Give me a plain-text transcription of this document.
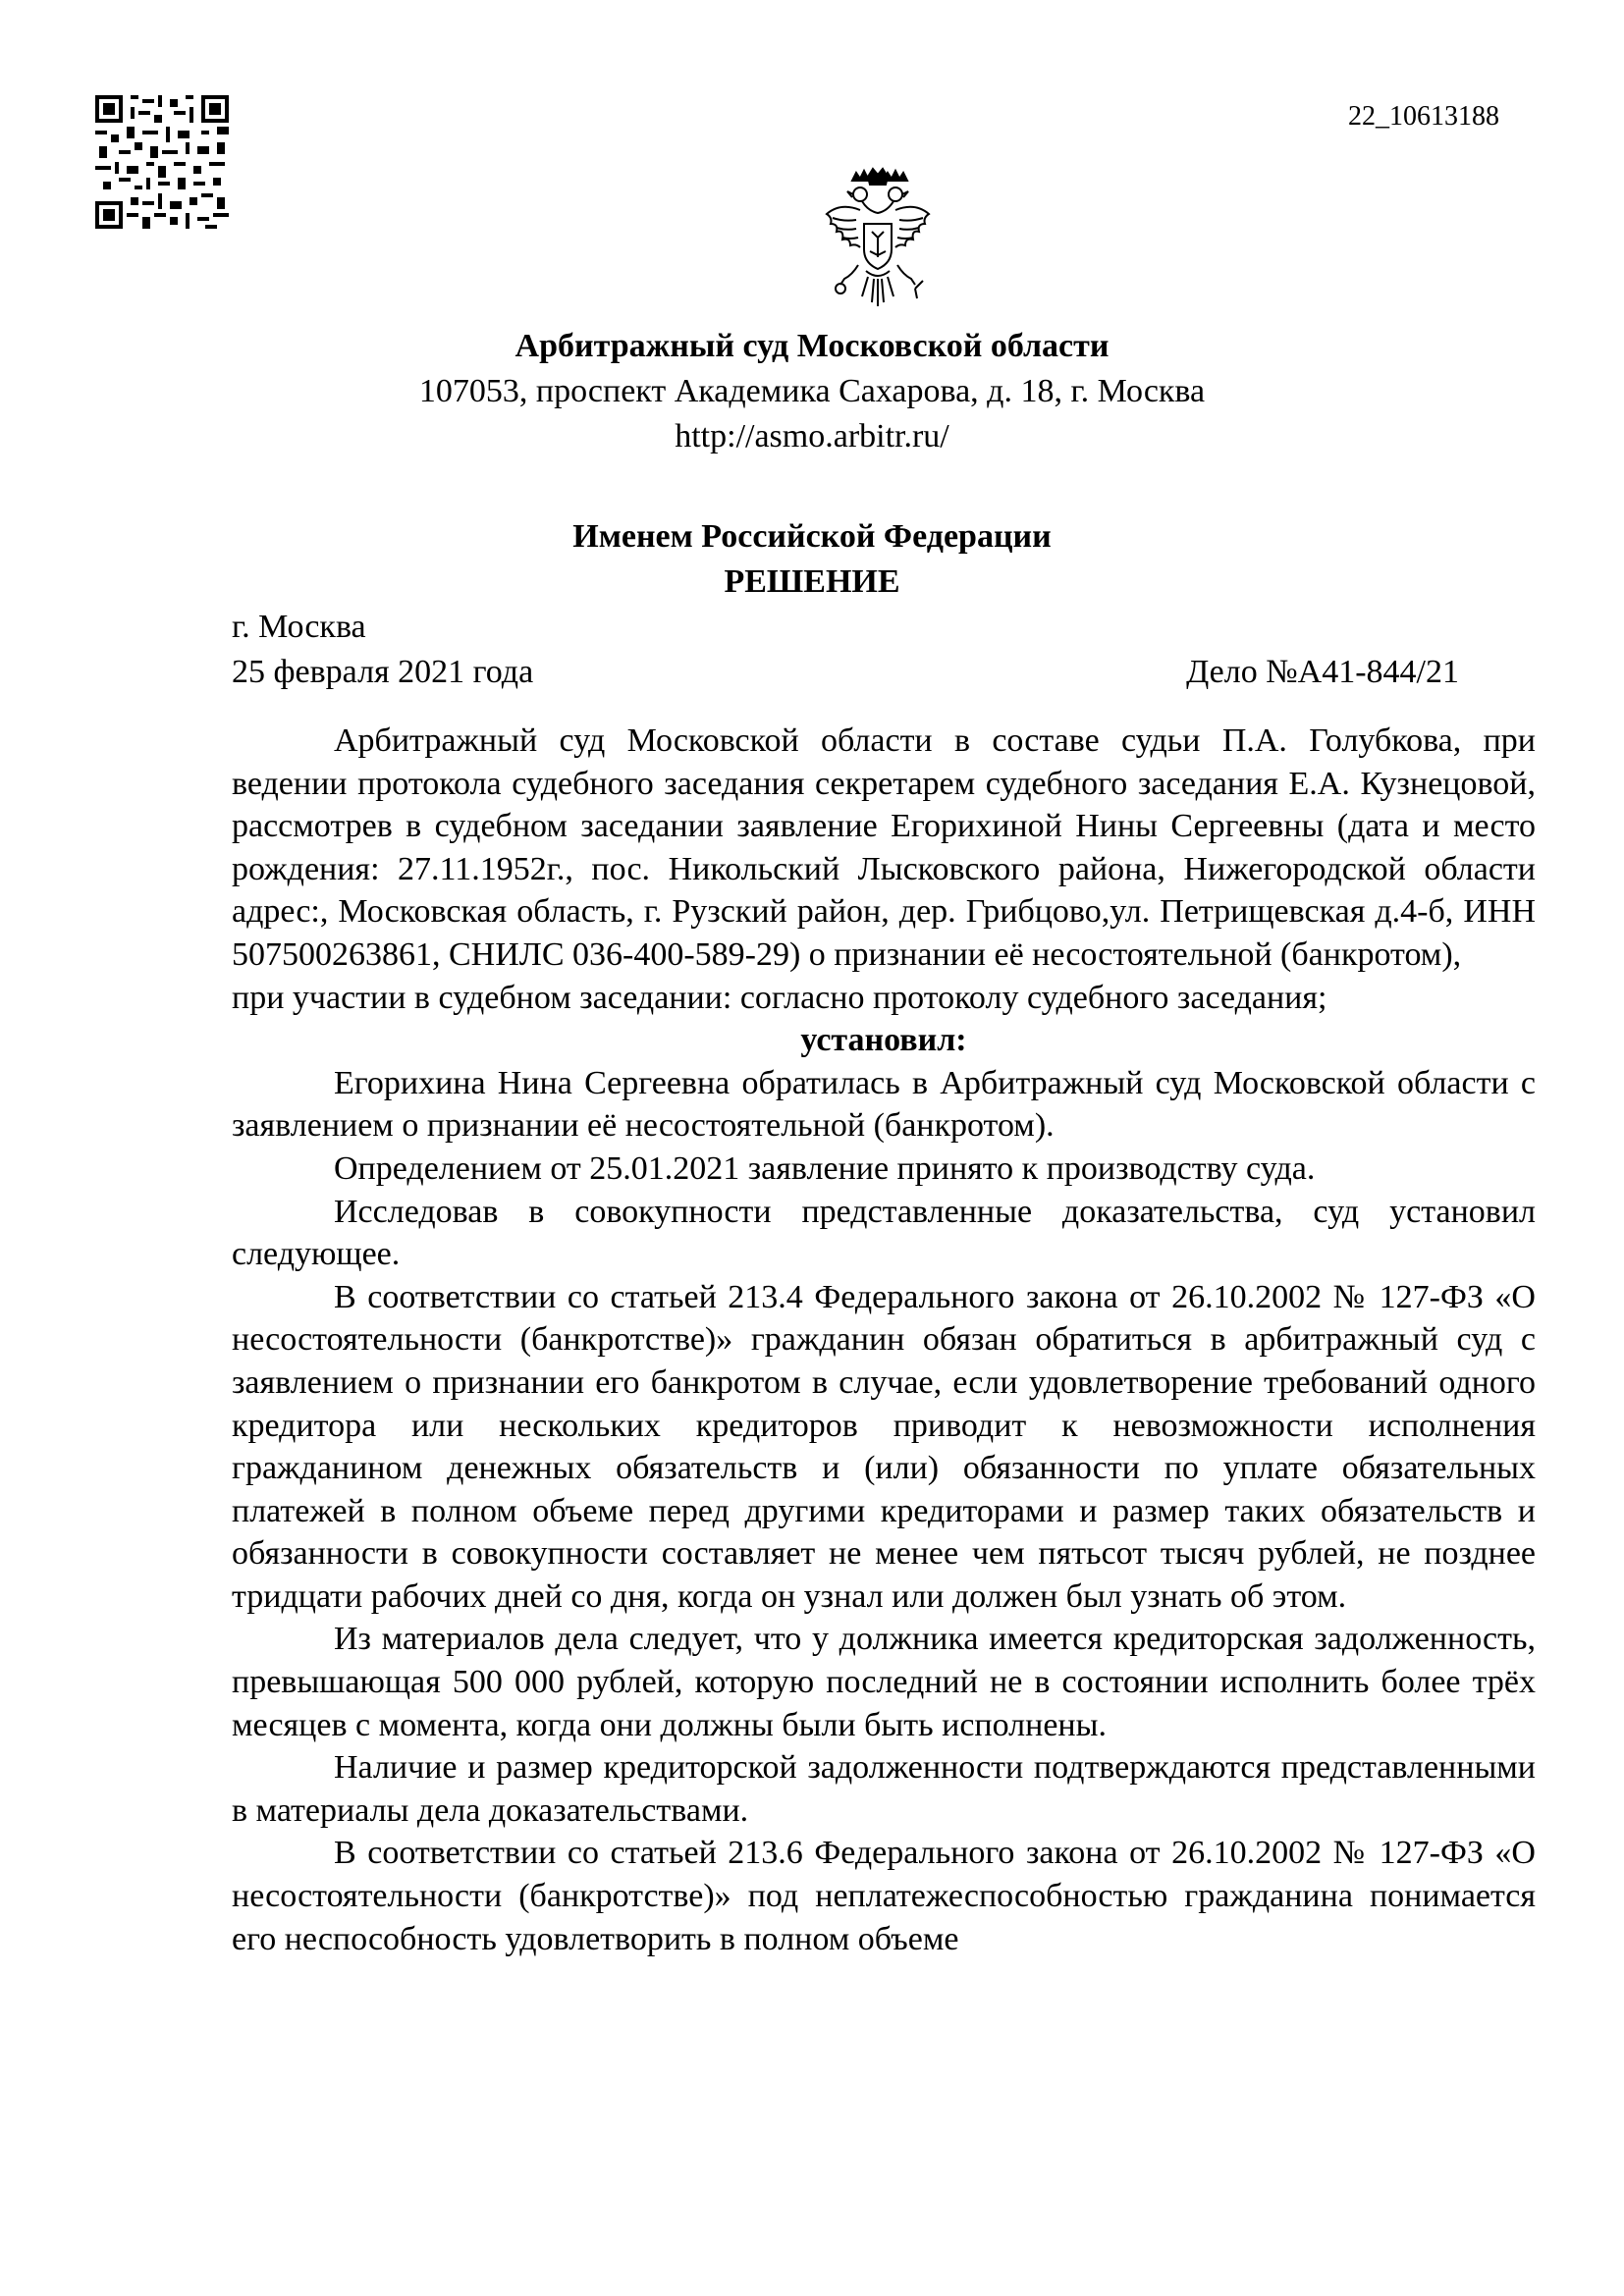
22_10613188
Арбитражный суд Московской области
107053, проспект Академика Сахарова, д. 18, г. Москва
http://asmo.arbitr.ru/
Именем Российской Федерации
РЕШЕНИЕ
г. Москва
25 февраля 2021 года	Дело №А41-844/21

Арбитражный суд Московской области в составе судьи П.А. Голубкова, при ведении протокола судебного заседания секретарем судебного заседания Е.А. Кузнецовой, рассмотрев в судебном заседании заявление Егорихиной Нины Сергеевны (дата и место рождения: 27.11.1952г., пос. Никольский Лысковского района, Нижегородской области адрес:, Московская область, г. Рузский район, дер. Грибцово,ул. Петрищевская д.4-б, ИНН 507500263861, СНИЛС 036-400-589-29) о признании её несостоятельной (банкротом),

при участии в судебном заседании: согласно протоколу судебного заседания;

установил:

Егорихина Нина Сергеевна обратилась в Арбитражный суд Московской области с заявлением о признании её несостоятельной (банкротом).

Определением от 25.01.2021 заявление принято к производству суда.

Исследовав в совокупности представленные доказательства, суд установил следующее.

В соответствии со статьей 213.4 Федерального закона от 26.10.2002 № 127-ФЗ «О несостоятельности (банкротстве)» гражданин обязан обратиться в арбитражный суд с заявлением о признании его банкротом в случае, если удовлетворение требований одного кредитора или нескольких кредиторов приводит к невозможности исполнения гражданином денежных обязательств и (или) обязанности по уплате обязательных платежей в полном объеме перед другими кредиторами и размер таких обязательств и обязанности в совокупности составляет не менее чем пятьсот тысяч рублей, не позднее тридцати рабочих дней со дня, когда он узнал или должен был узнать об этом.

Из материалов дела следует, что у должника имеется кредиторская задолженность, превышающая 500 000 рублей, которую последний не в состоянии исполнить более трёх месяцев с момента, когда они должны были быть исполнены.

Наличие и размер кредиторской задолженности подтверждаются представленными в материалы дела доказательствами.

В соответствии со статьей 213.6 Федерального закона от 26.10.2002 № 127-ФЗ «О несостоятельности (банкротстве)» под неплатежеспособностью гражданина понимается его неспособность удовлетворить в полном объеме
